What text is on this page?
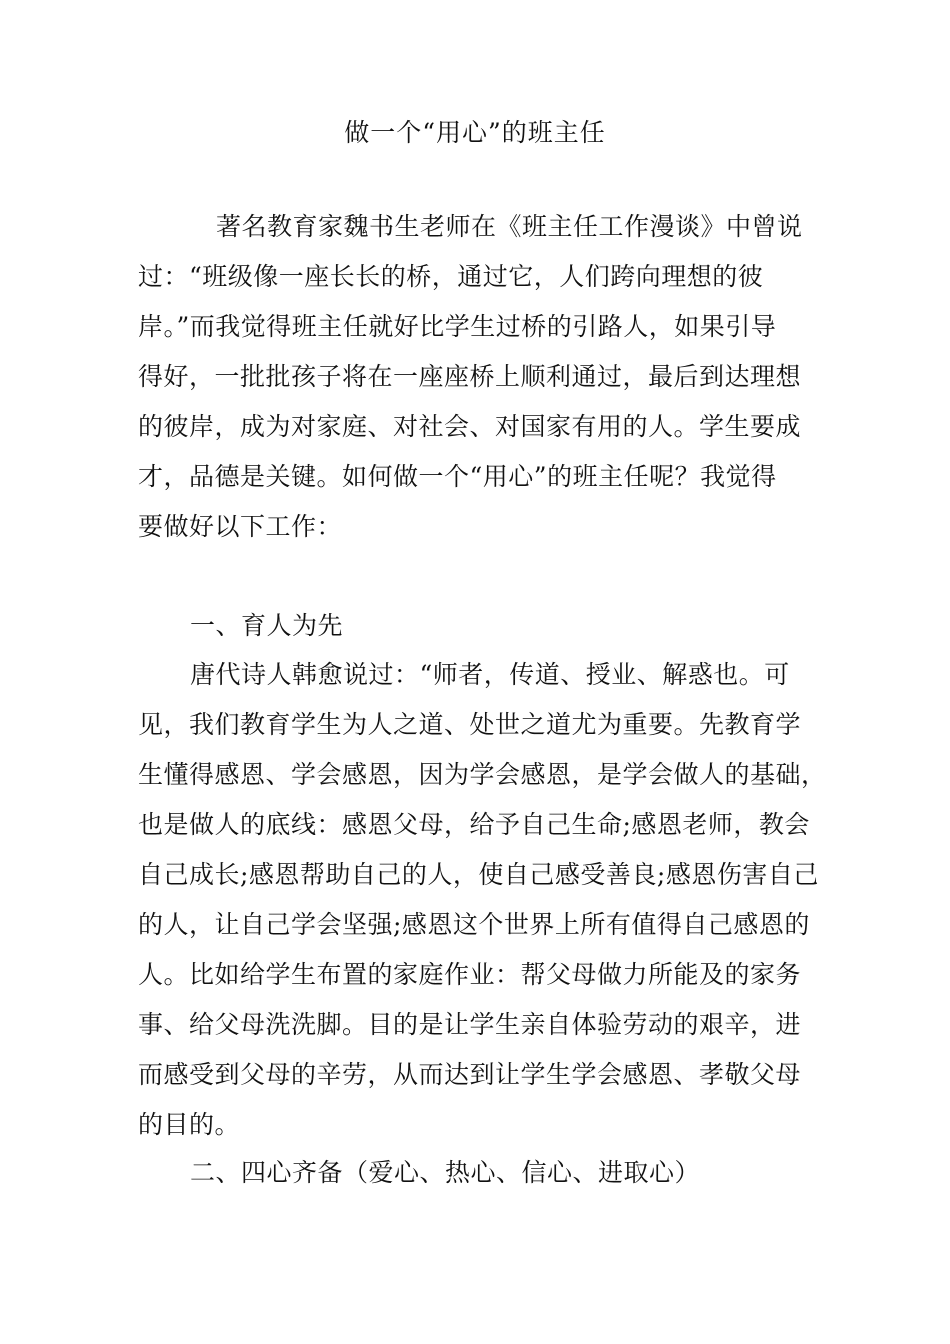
做一个“用心”的班主任
著名教育家魏书生老师在《班主任工作漫谈》中曾说
过：“班级像一座长长的桥，通过它，人们跨向理想的彼
岸。”而我觉得班主任就好比学生过桥的引路人，如果引导
得好，一批批孩子将在一座座桥上顺利通过，最后到达理想
的彼岸，成为对家庭、对社会、对国家有用的人。学生要成
才，品德是关键。如何做一个“用心”的班主任呢？我觉得
要做好以下工作：
一、育人为先
唐代诗人韩愈说过：“师者，传道、授业、解惑也。可
见，我们教育学生为人之道、处世之道尤为重要。先教育学
生懂得感恩、学会感恩，因为学会感恩，是学会做人的基础，
也是做人的底线：感恩父母，给予自己生命;感恩老师，教会
自己成长;感恩帮助自己的人，使自己感受善良;感恩伤害自己
的人，让自己学会坚强;感恩这个世界上所有值得自己感恩的
人。比如给学生布置的家庭作业：帮父母做力所能及的家务
事、给父母洗洗脚。目的是让学生亲自体验劳动的艰辛，进
而感受到父母的辛劳，从而达到让学生学会感恩、孝敬父母
的目的。
二、四心齐备（爱心、热心、信心、进取心）
